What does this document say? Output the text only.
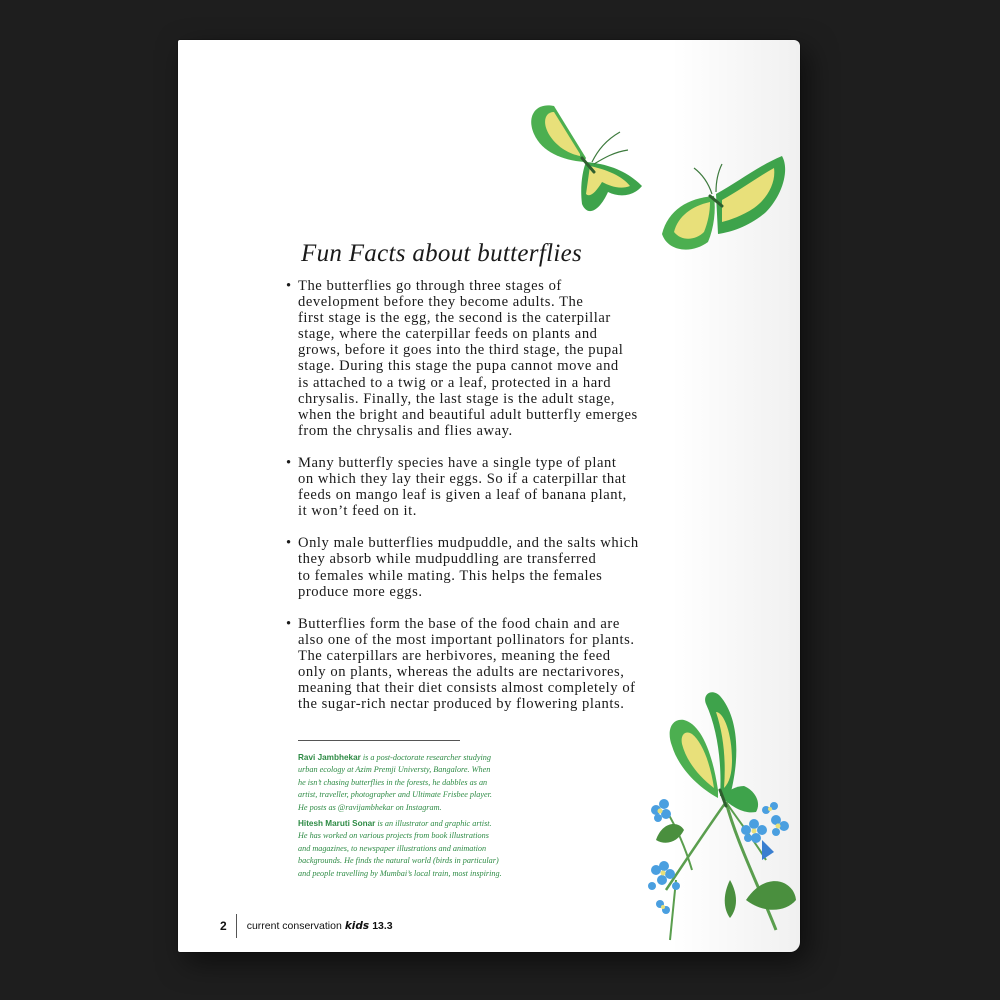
Fun Facts about butterflies
• The butterflies go through three stages of
development before they become adults. The
first stage is the egg, the second is the caterpillar
stage, where the caterpillar feeds on plants and
grows, before it goes into the third stage, the pupal
stage. During this stage the pupa cannot move and
is attached to a twig or a leaf, protected in a hard
chrysalis. Finally, the last stage is the adult stage,
when the bright and beautiful adult butterfly emerges
from the chrysalis and flies away.
• Many butterfly species have a single type of plant
on which they lay their eggs. So if a caterpillar that
feeds on mango leaf is given a leaf of banana plant,
it won’t feed on it.
• Only male butterflies mudpuddle, and the salts which
they absorb while mudpuddling are transferred
to females while mating. This helps the females
produce more eggs.
• Butterflies form the base of the food chain and are
also one of the most important pollinators for plants.
The caterpillars are herbivores, meaning the feed
only on plants, whereas the adults are nectarivores,
meaning that their diet consists almost completely of
the sugar-rich nectar produced by flowering plants.

Ravi Jambhekar is a post-doctorate researcher studying
urban ecology at Azim Premji Universty, Bangalore. When
he isn’t chasing butterflies in the forests, he dabbles as an
artist, traveller, photographer and Ultimate Frisbee player.
He posts as @ravijambhekar on Instagram.

Hitesh Maruti Sonar is an illustrator and graphic artist.
He has worked on various projects from book illustrations
and magazines, to newspaper illustrations and animation
backgrounds. He finds the natural world (birds in particular)
and people travelling by Mumbai’s local train, most inspiring.

2 current conservation kids 13.3
